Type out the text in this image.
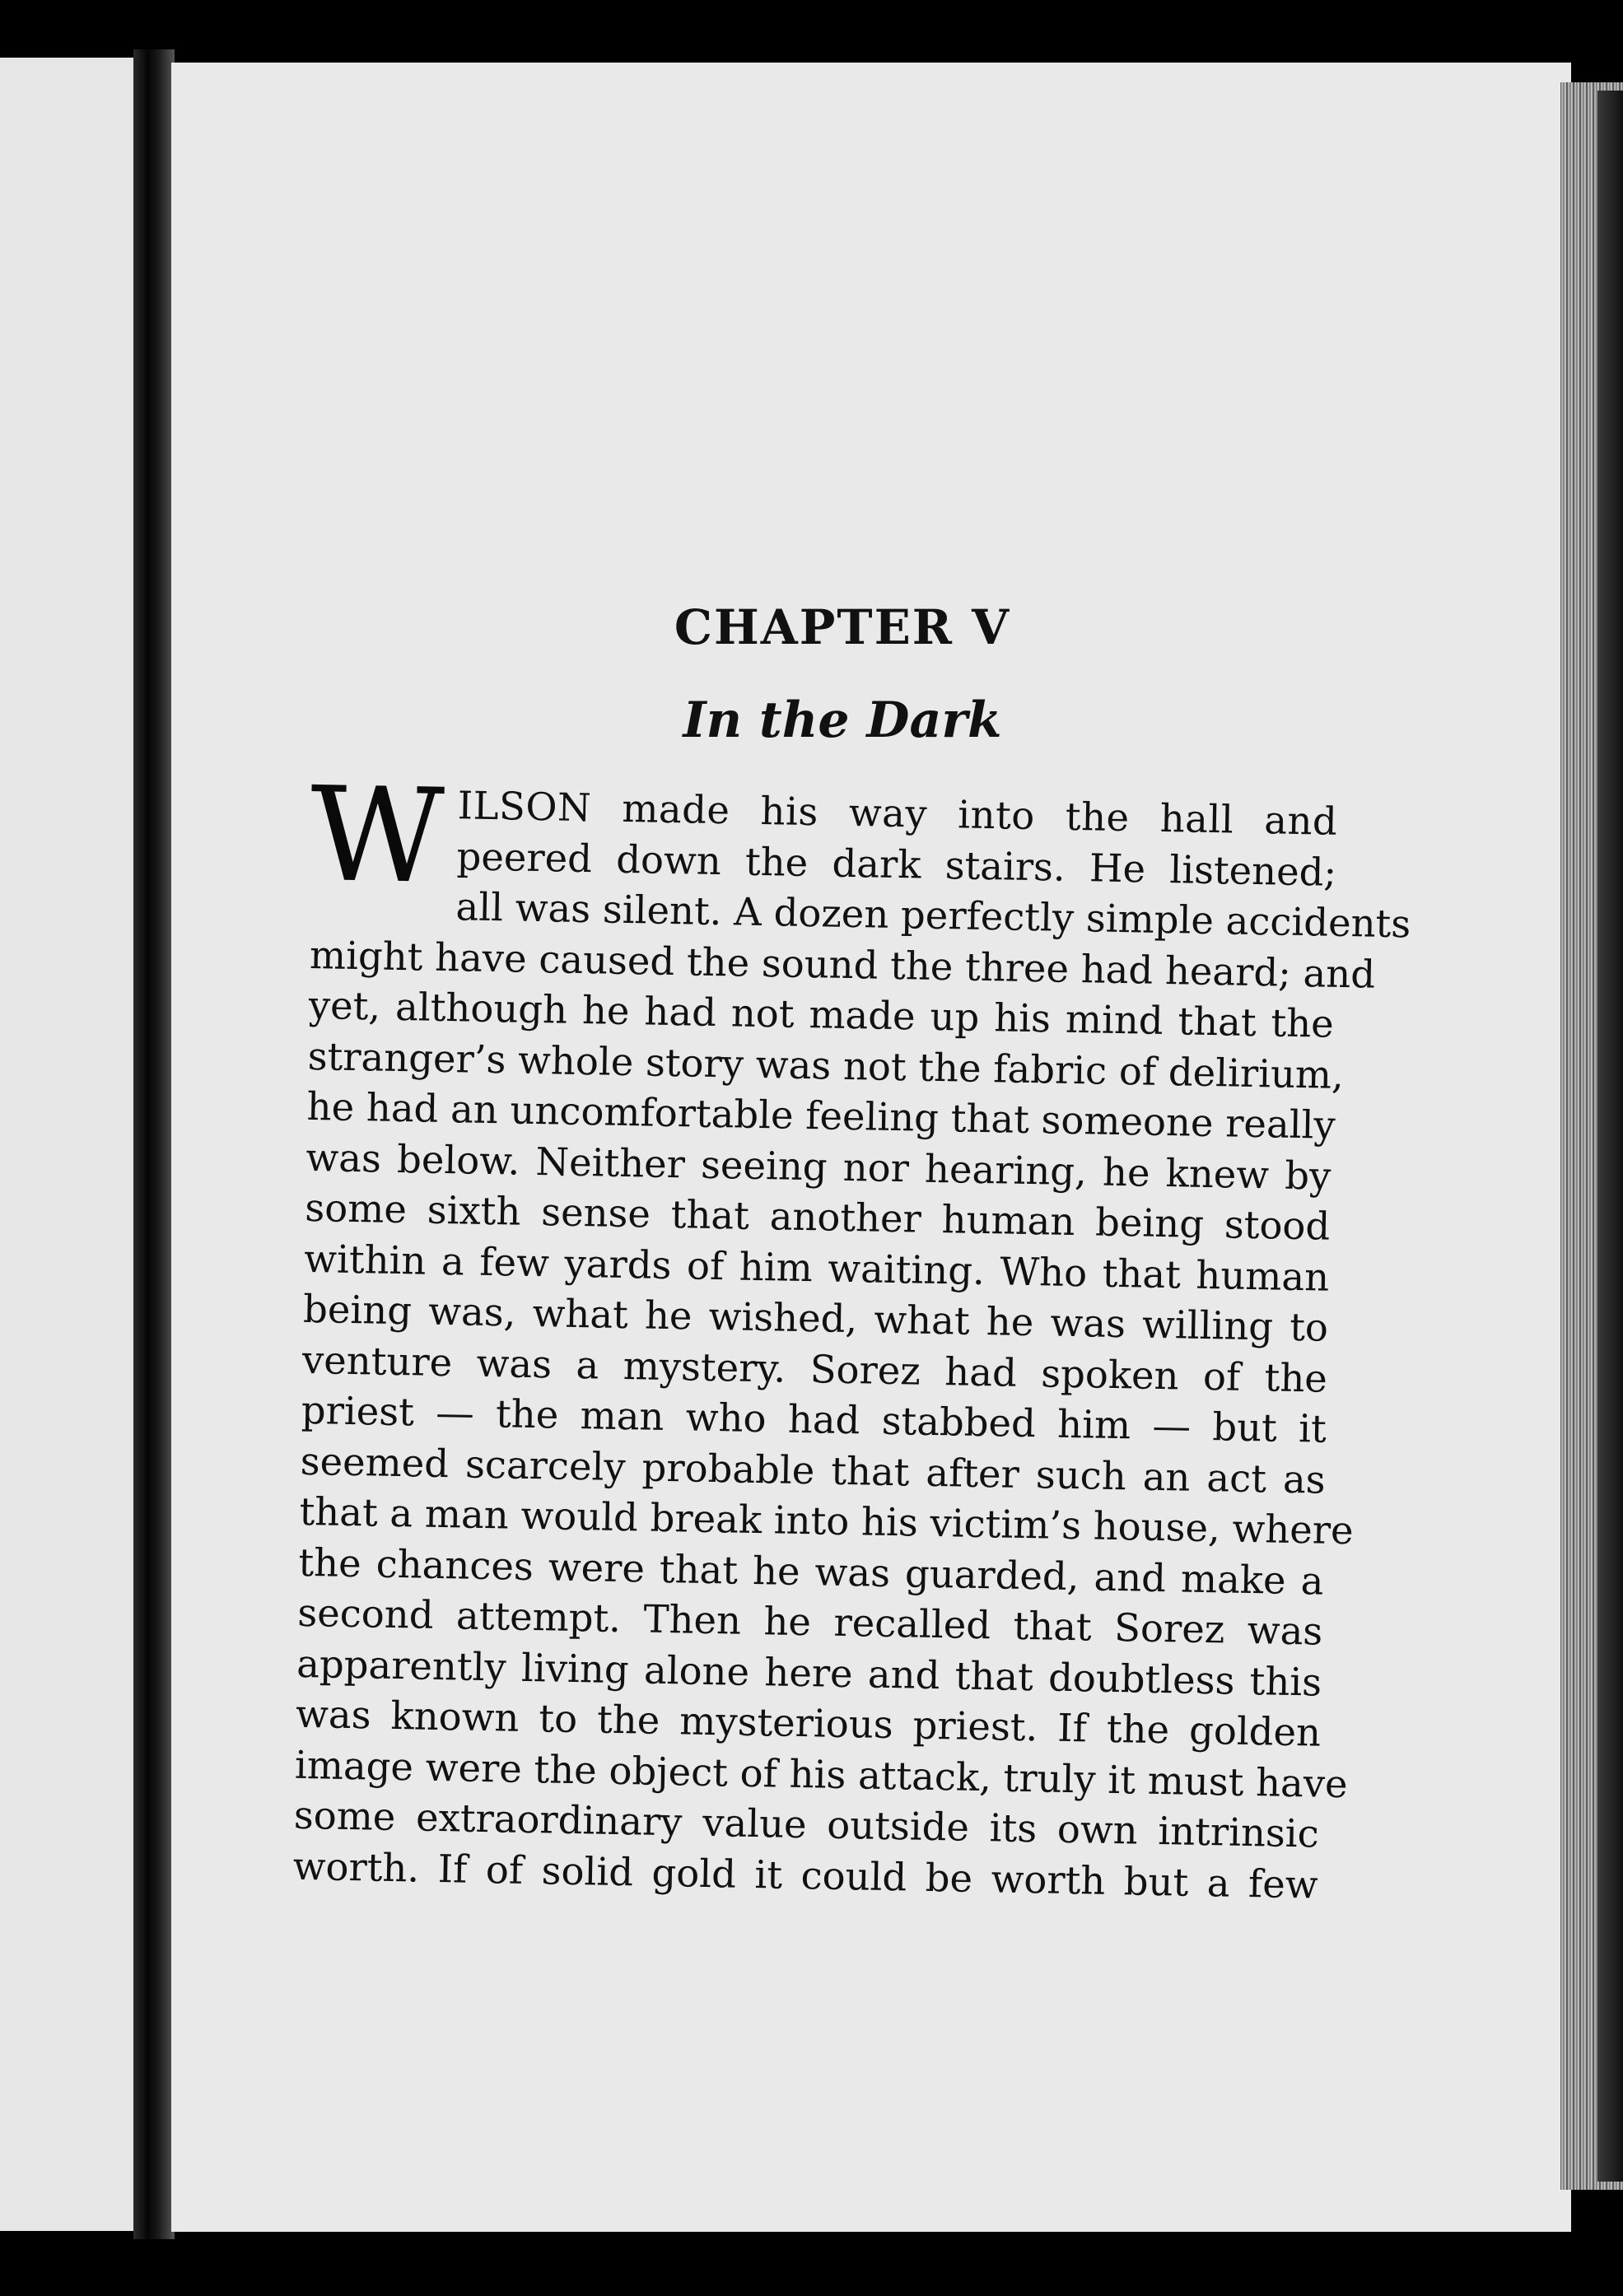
CHAPTER V
In the Dark
W ILSON made his way into the hall and
peered down the dark stairs. He listened;
all was silent. A dozen perfectly simple accidents
might have caused the sound the three had heard; and
yet, although he had not made up his mind that the
stranger’s whole story was not the fabric of delirium,
he had an uncomfortable feeling that someone really
was below. Neither seeing nor hearing, he knew by
some sixth sense that another human being stood
within a few yards of him waiting. Who that human
being was, what he wished, what he was willing to
venture was a mystery. Sorez had spoken of the
priest — the man who had stabbed him — but it
seemed scarcely probable that after such an act as
that a man would break into his victim’s house, where
the chances were that he was guarded, and make a
second attempt. Then he recalled that Sorez was
apparently living alone here and that doubtless this
was known to the mysterious priest. If the golden
image were the object of his attack, truly it must have
some extraordinary value outside its own intrinsic
worth. If of solid gold it could be worth but a few
